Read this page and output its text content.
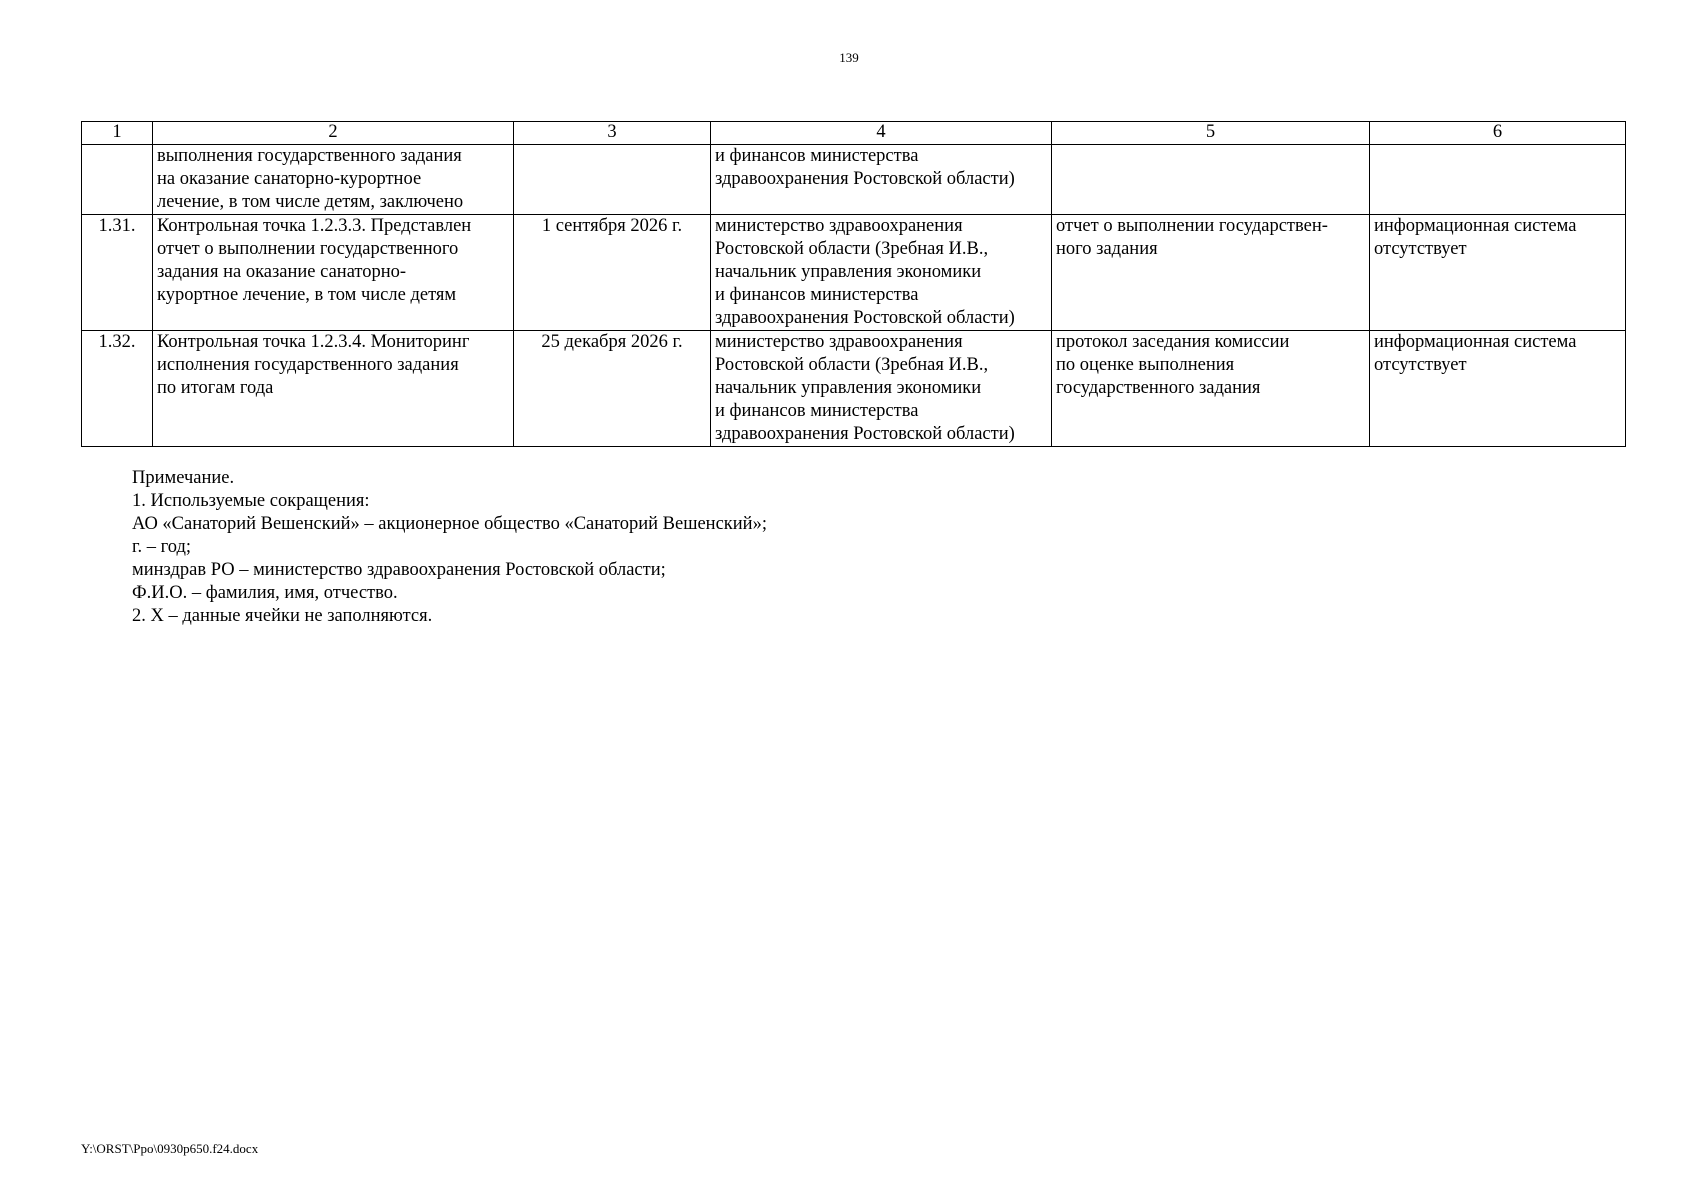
139
1	2	3	4	5	6
	выполнения государственного задания
на оказание санаторно-курортное
лечение, в том числе детям, заключено		и финансов министерства
здравоохранения Ростовской области)		
1.31.	Контрольная точка 1.2.3.3. Представлен
отчет о выполнении государственного
задания на оказание санаторно-
курортное лечение, в том числе детям	1 сентября 2026 г.	министерство здравоохранения
Ростовской области (Зребная И.В.,
начальник управления экономики
и финансов министерства
здравоохранения Ростовской области)	отчет о выполнении государствен-
ного задания	информационная система
отсутствует
1.32.	Контрольная точка 1.2.3.4. Мониторинг
исполнения государственного задания
по итогам года	25 декабря 2026 г.	министерство здравоохранения
Ростовской области (Зребная И.В.,
начальник управления экономики
и финансов министерства
здравоохранения Ростовской области)	протокол заседания комиссии
по оценке выполнения
государственного задания	информационная система
отсутствует
Примечание.
1. Используемые сокращения:
АО «Санаторий Вешенский» – акционерное общество «Санаторий Вешенский»;
г. – год;
минздрав РО – министерство здравоохранения Ростовской области;
Ф.И.О. – фамилия, имя, отчество.
2. Х – данные ячейки не заполняются.
Y:\ORST\Ppo\0930p650.f24.docx
